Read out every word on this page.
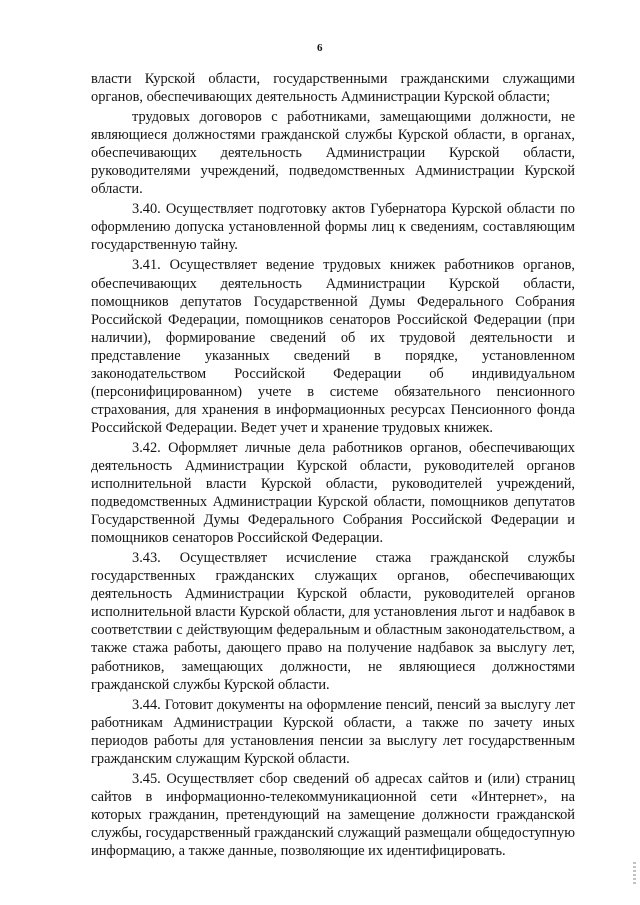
6

власти Курской области, государственными гражданскими служащими органов, обеспечивающих деятельность Администрации Курской области;

трудовых договоров с работниками, замещающими должности, не являющиеся должностями гражданской службы Курской области, в органах, обеспечивающих деятельность Администрации Курской области, руководителями учреждений, подведомственных Администрации Курской области.

3.40. Осуществляет подготовку актов Губернатора Курской области по оформлению допуска установленной формы лиц к сведениям, составляющим государственную тайну.

3.41. Осуществляет ведение трудовых книжек работников органов, обеспечивающих деятельность Администрации Курской области, помощников депутатов Государственной Думы Федерального Собрания Российской Федерации, помощников сенаторов Российской Федерации (при наличии), формирование сведений об их трудовой деятельности и представление указанных сведений в порядке, установленном законодательством Российской Федерации об индивидуальном (персонифицированном) учете в системе обязательного пенсионного страхования, для хранения в информационных ресурсах Пенсионного фонда Российской Федерации. Ведет учет и хранение трудовых книжек.

3.42. Оформляет личные дела работников органов, обеспечивающих деятельность Администрации Курской области, руководителей органов исполнительной власти Курской области, руководителей учреждений, подведомственных Администрации Курской области, помощников депутатов Государственной Думы Федерального Собрания Российской Федерации и помощников сенаторов Российской Федерации.

3.43. Осуществляет исчисление стажа гражданской службы государственных гражданских служащих органов, обеспечивающих деятельность Администрации Курской области, руководителей органов исполнительной власти Курской области, для установления льгот и надбавок в соответствии с действующим федеральным и областным законодательством, а также стажа работы, дающего право на получение надбавок за выслугу лет, работников, замещающих должности, не являющиеся должностями гражданской службы Курской области.

3.44. Готовит документы на оформление пенсий, пенсий за выслугу лет работникам Администрации Курской области, а также по зачету иных периодов работы для установления пенсии за выслугу лет государственным гражданским служащим Курской области.

3.45. Осуществляет сбор сведений об адресах сайтов и (или) страниц сайтов в информационно-телекоммуникационной сети «Интернет», на которых гражданин, претендующий на замещение должности гражданской службы, государственный гражданский служащий размещали общедоступную информацию, а также данные, позволяющие их идентифицировать.
